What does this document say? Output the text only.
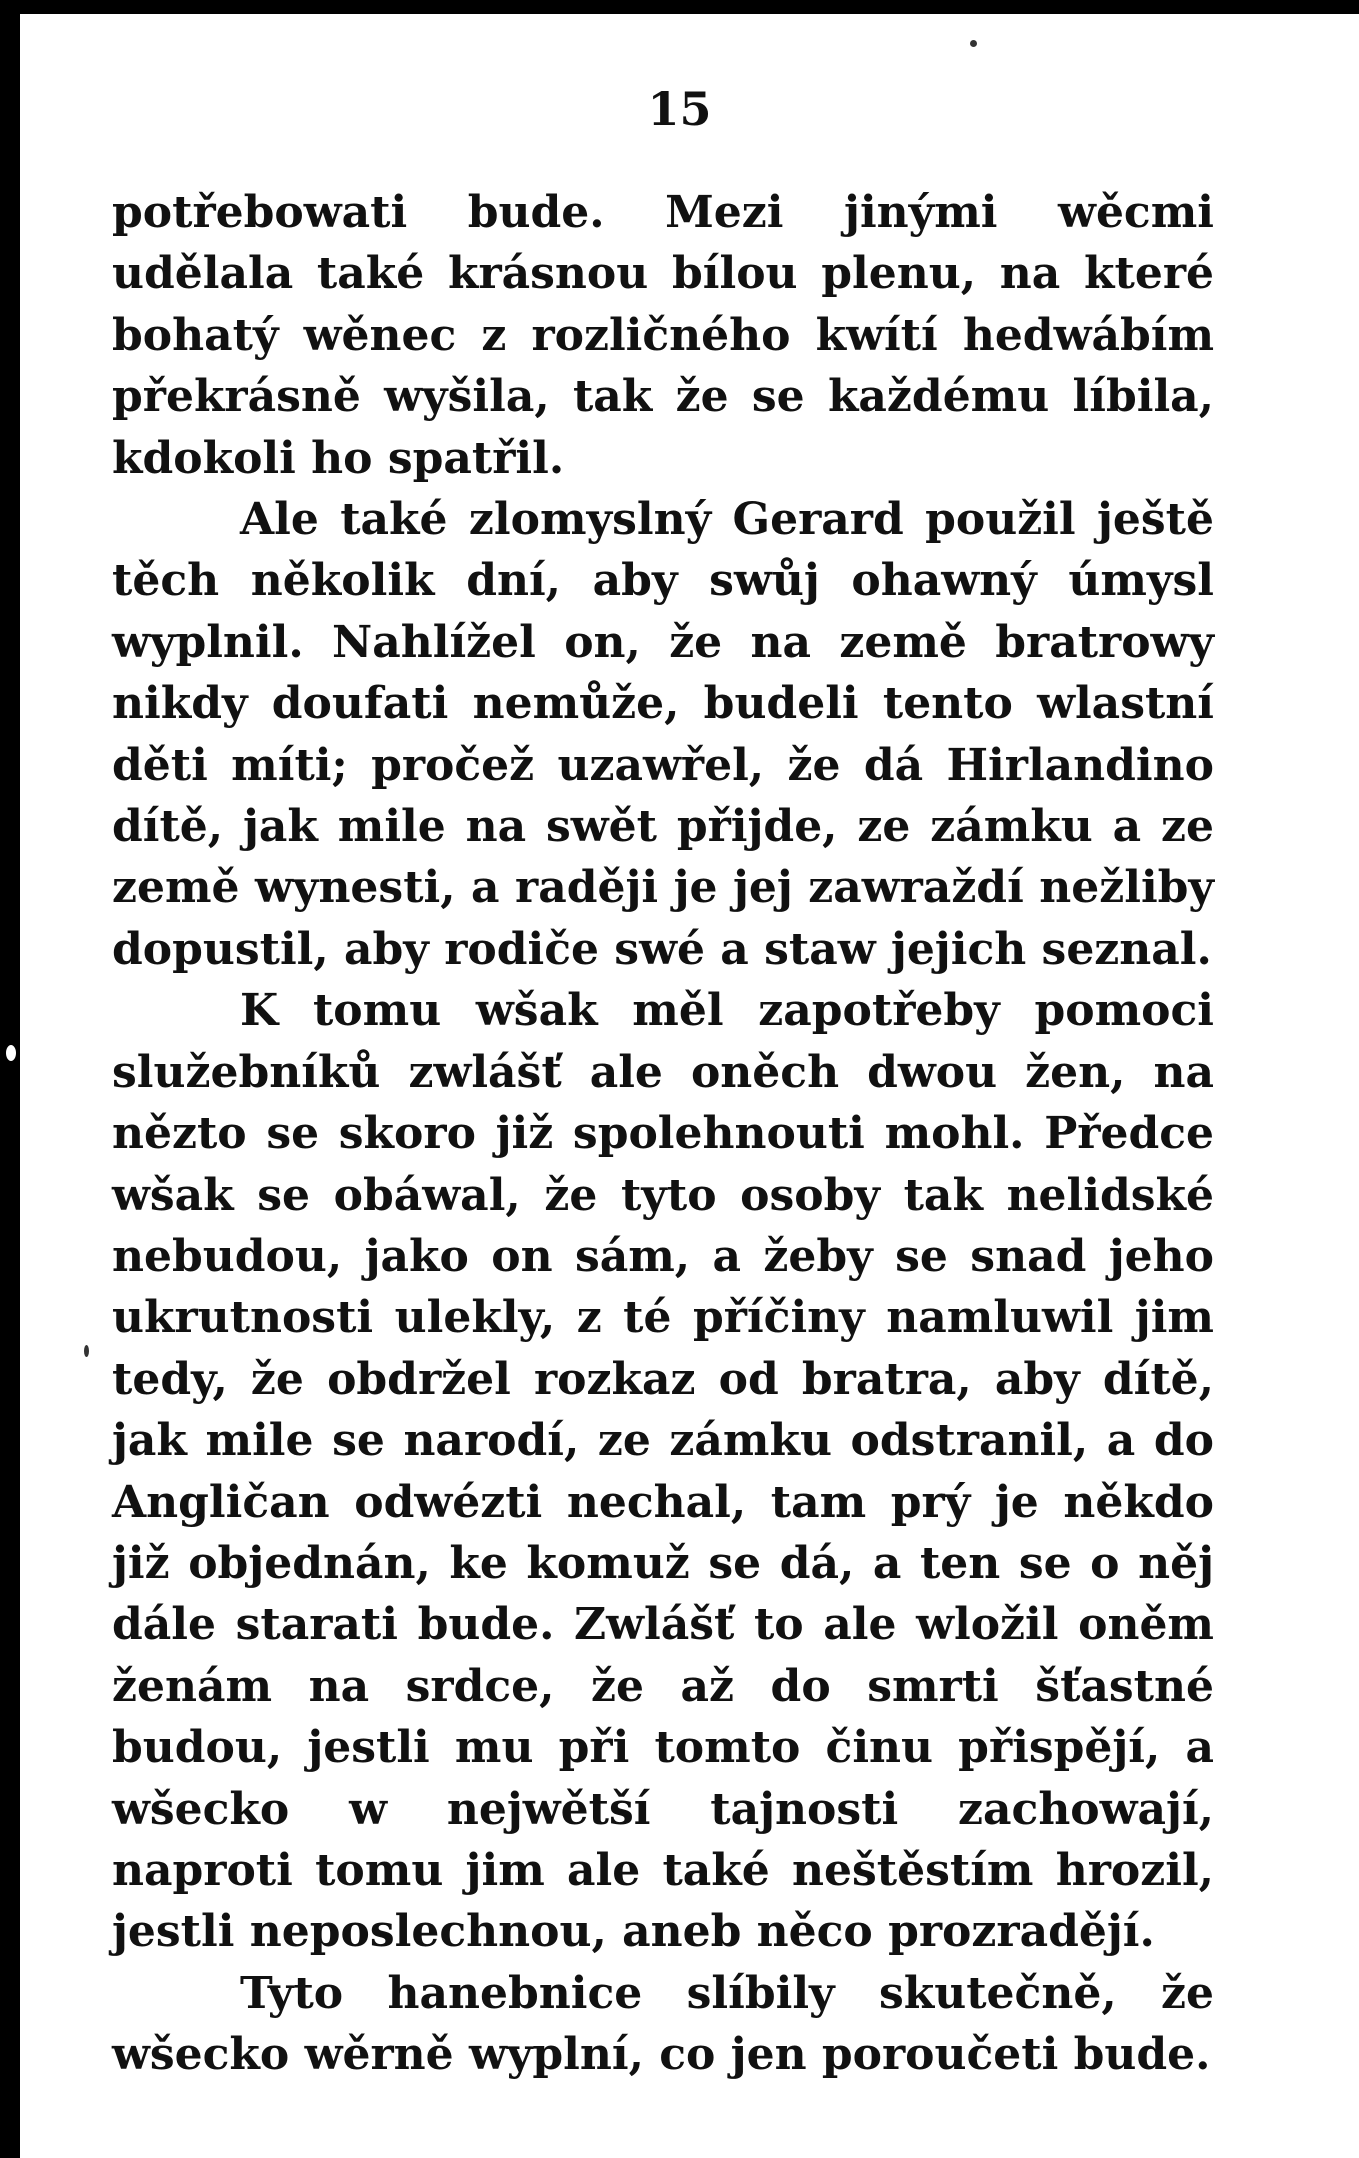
15

potřebowati bude. Mezi jinými wěcmi udělala také krásnou bílou plenu, na které bohatý wěnec z rozličného kwítí hedwábím překrásně wyšila, tak že se každému líbila, kdokoli ho spatřil.

Ale také zlomyslný Gerard použil ještě těch několik dní, aby swůj ohawný úmysl wyplnil. Nahlížel on, že na země bratrowy nikdy doufati nemůže, budeli tento wlastní děti míti; pročež uzawřel, že dá Hirlandino dítě, jak mile na swět přijde, ze zámku a ze země wynesti, a raději je jej zawraždí nežliby dopustil, aby rodiče swé a staw jejich seznal.

K tomu wšak měl zapotřeby pomoci služebníků zwlášť ale oněch dwou žen, na nězto se skoro již spolehnouti mohl. Předce wšak se obáwal, že tyto osoby tak nelidské nebudou, jako on sám, a žeby se snad jeho ukrutnosti ulekly, z té příčiny namluwil jim tedy, že obdržel rozkaz od bratra, aby dítě, jak mile se narodí, ze zámku odstranil, a do Angličan odwézti nechal, tam prý je někdo již objednán, ke komuž se dá, a ten se o něj dále starati bude. Zwlášť to ale wložil oněm ženám na srdce, že až do smrti šťastné budou, jestli mu při tomto činu přispějí, a wšecko w nejwětší tajnosti zachowají, naproti tomu jim ale také neštěstím hrozil, jestli neposlechnou, aneb něco prozradějí.

Tyto hanebnice slíbily skutečně, že wšecko wěrně wyplní, co jen poroučeti bude.
